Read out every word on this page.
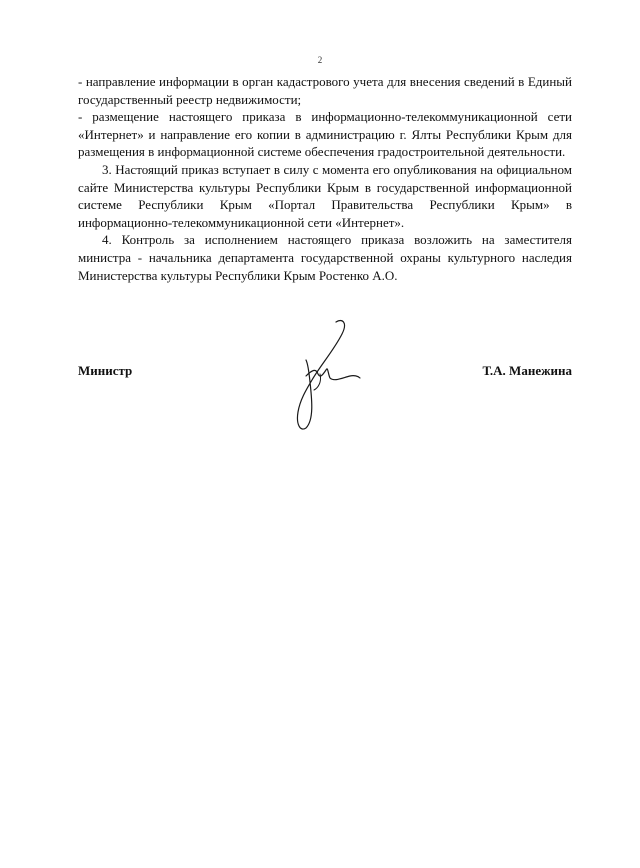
2

- направление информации в орган кадастрового учета для внесения сведений в Единый государственный реестр недвижимости;

- размещение настоящего приказа в информационно-телекоммуникационной сети «Интернет» и направление его копии в администрацию г. Ялты Республики Крым для размещения в информационной системе обеспечения градостроительной деятельности.

3. Настоящий приказ вступает в силу с момента его опубликования на официальном сайте Министерства культуры Республики Крым в государственной информационной системе Республики Крым «Портал Правительства Республики Крым» в информационно-телекоммуникационной сети «Интернет».

4. Контроль за исполнением настоящего приказа возложить на заместителя министра - начальника департамента государственной охраны культурного наследия Министерства культуры Республики Крым Ростенко А.О.

Министр	Т.А. Манежина
